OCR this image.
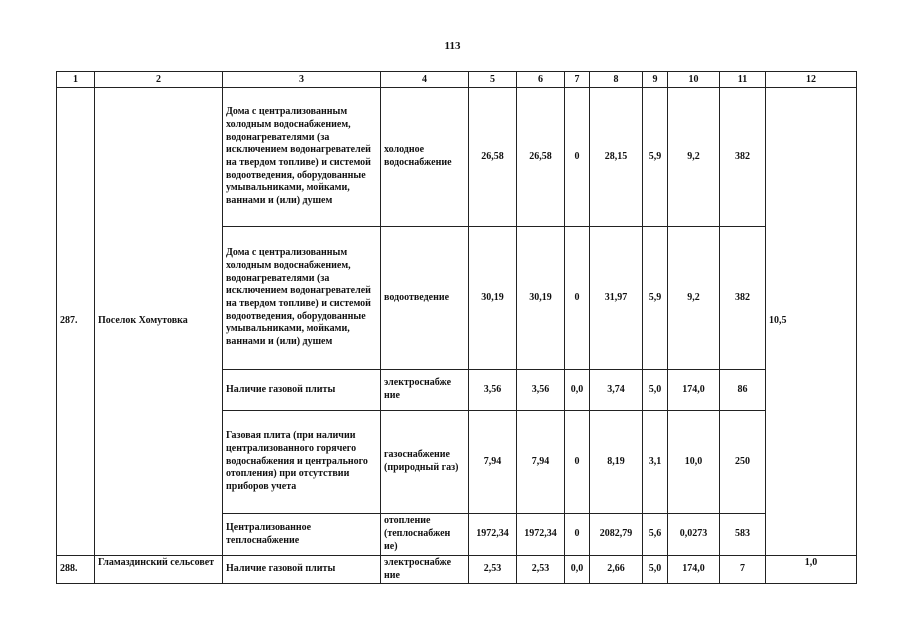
113
1	2	3	4	5	6	7	8	9	10	11	12
287.	Поселок Хомутовка	Дома с централизованным холодным водоснабжением, водонагревателями (за исключением водонагревателей на твердом топливе) и системой водоотведения, оборудованные умывальниками, мойками, ваннами и (или) душем	холодное водоснабжение	26,58	26,58	0	28,15	5,9	9,2	382	10,5
		Дома с централизованным холодным водоснабжением, водонагревателями (за исключением водонагревателей на твердом топливе) и системой водоотведения, оборудованные умывальниками, мойками, ваннами и (или) душем	водоотведение	30,19	30,19	0	31,97	5,9	9,2	382	
		Наличие газовой плиты	электроснабже ние	3,56	3,56	0,0	3,74	5,0	174,0	86	
		Газовая плита (при наличии централизованного горячего водоснабжения и центрального отопления) при отсутствии приборов учета	газоснабжение (природный газ)	7,94	7,94	0	8,19	3,1	10,0	250	
		Централизованное теплоснабжение	отопление (теплоснабжен ие)	1972,34	1972,34	0	2082,79	5,6	0,0273	583	
288.	Гламаздинский сельсовет	Наличие газовой плиты	электроснабже ние	2,53	2,53	0,0	2,66	5,0	174,0	7	1,0
